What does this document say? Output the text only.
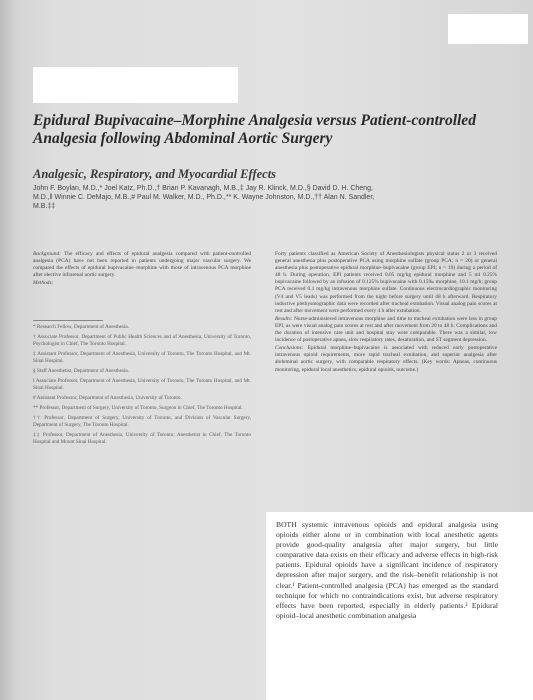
Epidural Bupivacaine–Morphine Analgesia versus Patient-controlled Analgesia following Abdominal Aortic Surgery
Analgesic, Respiratory, and Myocardial Effects

John F. Boylan, M.D.,* Joel Katz, Ph.D.,† Brian P. Kavanagh, M.B.,‡ Jay R. Klinck, M.D.,§ David D. H. Cheng, M.D.,‖ Winnie C. DeMajo, M.B.,# Paul M. Walker, M.D., Ph.D.,** K. Wayne Johnston, M.D.,†† Alan N. Sandler, M.B.‡‡

Background: The efficacy and effects of epidural analgesia compared with patient-controlled analgesia (PCA) have not been reported in patients undergoing major vascular surgery. We compared the effects of epidural bupivacaine–morphine with those of intravenous PCA morphine after elective infrarenal aortic surgery.

Methods:

* Research Fellow, Department of Anesthesia.

† Associate Professor, Department of Public Health Sciences and of Anesthesia, University of Toronto, Psychologist in Chief, The Toronto Hospital.

‡ Assistant Professor, Department of Anesthesia, University of Toronto, The Toronto Hospital, and Mt. Sinai Hospital.

§ Staff Anesthetist, Department of Anesthesia.

‖ Associate Professor, Department of Anesthesia, University of Toronto, The Toronto Hospital, and Mt. Sinai Hospital.

# Assistant Professor, Department of Anesthesia, University of Toronto.

** Professor, Department of Surgery, University of Toronto, Surgeon in Chief, The Toronto Hospital.

†† Professor, Department of Surgery, University of Toronto, and Division of Vascular Surgery, Department of Surgery, The Toronto Hospital.

‡‡ Professor, Department of Anesthesia, University of Toronto; Anesthetist in Chief, The Toronto Hospital and Mount Sinai Hospital.

Forty patients classified as American Society of Anesthesiologists physical status 2 or 3 received general anesthesia plus postoperative PCA using morphine sulfate (group PCA; n = 20) or general anesthesia plus postoperative epidural morphine–bupivacaine (group EPI; n = 19) during a period of 48 h. During operation, EPI patients received 0.05 mg/kg epidural morphine and 5 ml 0.25% bupivacaine followed by an infusion of 0.125% bupivacaine with 0.15‰ morphine, 10.1 mg/h; group PCA received 0.1 mg/kg intravenous morphine sulfate. Continuous electrocardiographic monitoring (V4 and V5 leads) was performed from the night before surgery until 48 h afterward. Respiratory inductive plethysmographic data were recorded after tracheal extubation. Visual analog pain scores at rest and after movement were performed every 4 h after extubation.

Results: Nurse-administered intravenous morphine and time to tracheal extubation were less in group EPI, as were visual analog pain scores at rest and after movement from 20 to 48 h. Complications and the duration of intensive care unit and hospital stay were comparable. There was a similar, low incidence of postoperative apnea, slow respiratory rates, desaturation, and ST segment depression.

Conclusions: Epidural morphine–bupivacaine is associated with reduced early postoperative intravenous opioid requirements, more rapid tracheal extubation, and superior analgesia after abdominal aortic surgery, with comparable respiratory effects. (Key words: Apneas, continuous monitoring, epidural local anesthetics, epidural opioids, outcome.)

BOTH systemic intravenous opioids and epidural analgesia using opioids either alone or in combination with local anesthetic agents provide good-quality analgesia after major surgery, but little comparative data exists on their efficacy and adverse effects in high-risk patients. Epidural opioids have a significant incidence of respiratory depression after major surgery, and the risk–benefit relationship is not clear.¹ Patient-controlled analgesia (PCA) has emerged as the standard technique for which no contraindications exist, but adverse respiratory effects have been reported, especially in elderly patients.² Epidural opioid–local anesthetic combination analgesia
